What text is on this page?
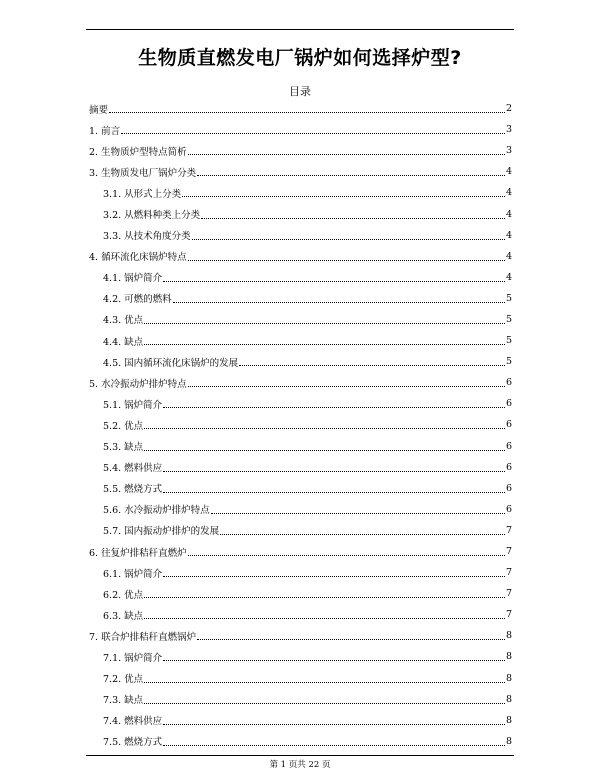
生物质直燃发电厂锅炉如何选择炉型?
目录
摘要	2
1. 前言	3
2. 生物质炉型特点简析	3
3. 生物质发电厂锅炉分类	4
3.1. 从形式上分类	4
3.2. 从燃料种类上分类	4
3.3. 从技术角度分类	4
4. 循环流化床锅炉特点	4
4.1. 锅炉简介	4
4.2. 可燃的燃料	5
4.3. 优点	5
4.4. 缺点	5
4.5. 国内循环流化床锅炉的发展	5
5. 水冷振动炉排炉特点	6
5.1. 锅炉简介	6
5.2. 优点	6
5.3. 缺点	6
5.4. 燃料供应	6
5.5. 燃烧方式	6
5.6. 水冷振动炉排炉特点	6
5.7. 国内振动炉排炉的发展	7
6. 往复炉排秸秆直燃炉	7
6.1. 锅炉简介	7
6.2. 优点	7
6.3. 缺点	7
7. 联合炉排秸秆直燃锅炉	8
7.1. 锅炉简介	8
7.2. 优点	8
7.3. 缺点	8
7.4. 燃料供应	8
7.5. 燃烧方式	8
第 1 页共 22 页
